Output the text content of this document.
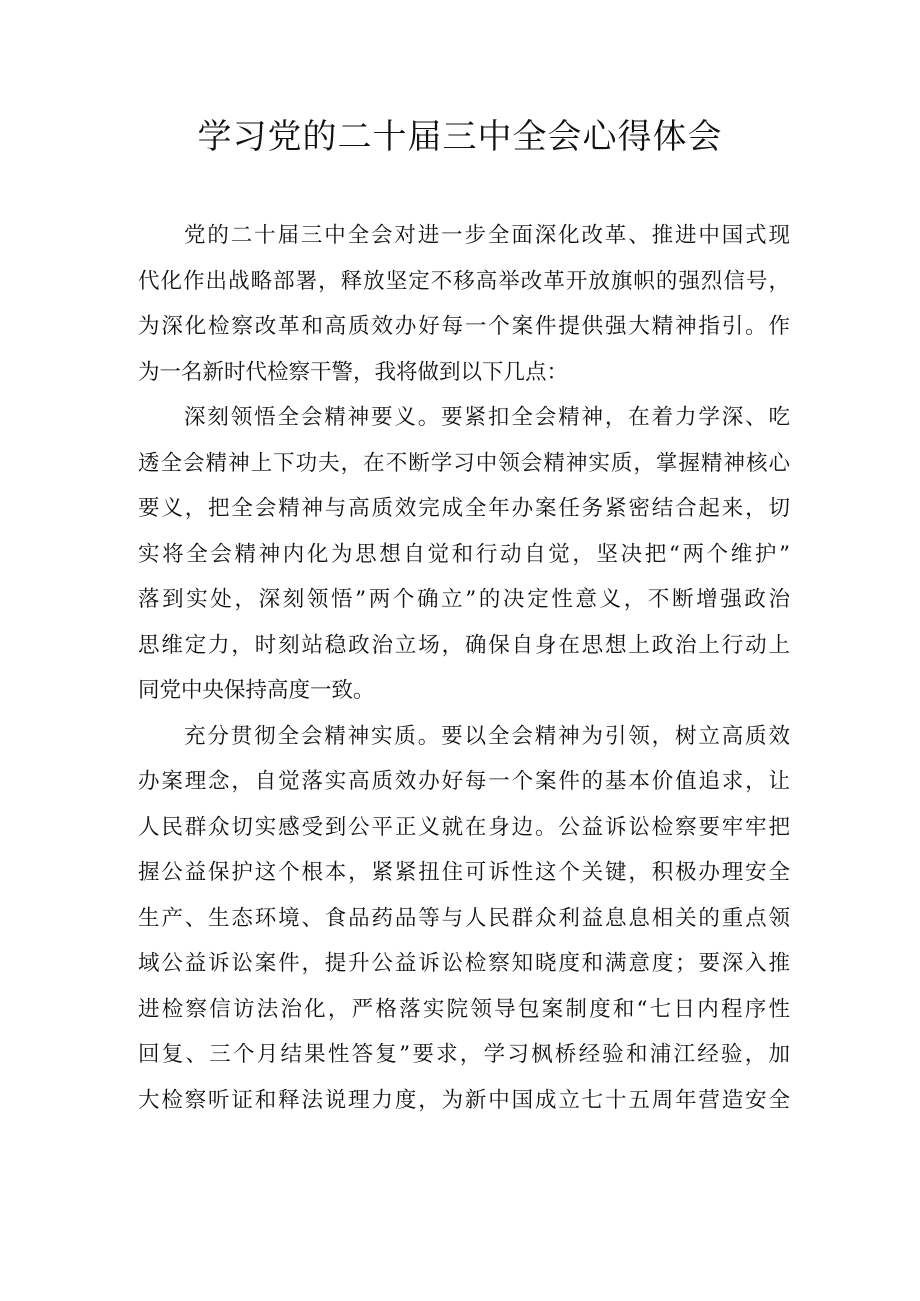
学习党的二十届三中全会心得体会
党的二十届三中全会对进一步全面深化改革、推进中国式现
代化作出战略部署，释放坚定不移高举改革开放旗帜的强烈信号，
为深化检察改革和高质效办好每一个案件提供强大精神指引。作
为一名新时代检察干警，我将做到以下几点：
深刻领悟全会精神要义。要紧扣全会精神，在着力学深、吃
透全会精神上下功夫，在不断学习中领会精神实质，掌握精神核心
要义，把全会精神与高质效完成全年办案任务紧密结合起来，切
实将全会精神内化为思想自觉和行动自觉，坚决把“两个维护”
落到实处，深刻领悟”两个确立”的决定性意义，不断增强政治
思维定力，时刻站稳政治立场，确保自身在思想上政治上行动上
同党中央保持高度一致。
充分贯彻全会精神实质。要以全会精神为引领，树立高质效
办案理念，自觉落实高质效办好每一个案件的基本价值追求，让
人民群众切实感受到公平正义就在身边。公益诉讼检察要牢牢把
握公益保护这个根本，紧紧扭住可诉性这个关键，积极办理安全
生产、生态环境、食品药品等与人民群众利益息息相关的重点领
域公益诉讼案件，提升公益诉讼检察知晓度和满意度；要深入推
进检察信访法治化，严格落实院领导包案制度和“七日内程序性
回复、三个月结果性答复”要求，学习枫桥经验和浦江经验，加
大检察听证和释法说理力度，为新中国成立七十五周年营造安全
